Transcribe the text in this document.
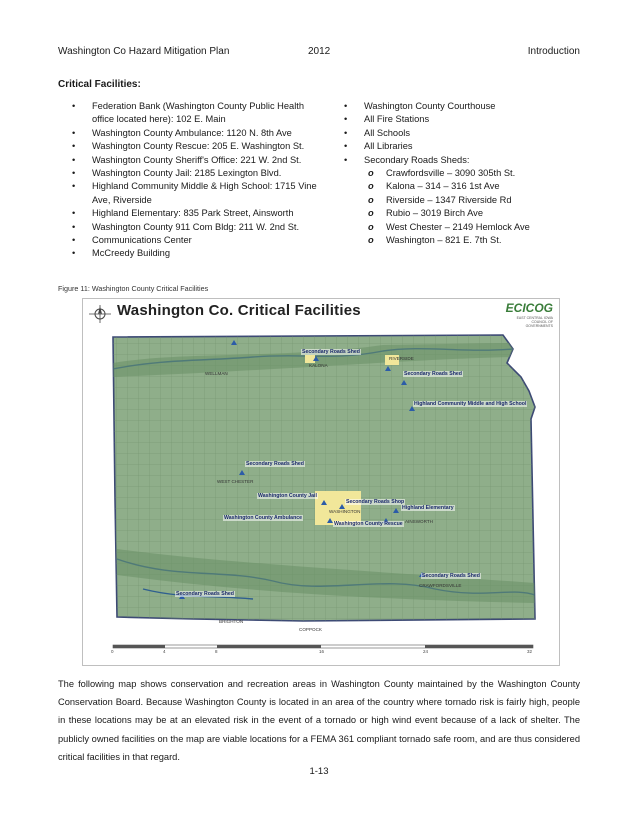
Washington Co Hazard Mitigation Plan	2012	Introduction
Critical Facilities:
• Federation Bank (Washington County Public Health office located here): 102 E. Main
• Washington County Ambulance: 1120 N. 8th Ave
• Washington County Rescue: 205 E. Washington St.
• Washington County Sheriff's Office: 221 W. 2nd St.
• Washington County Jail: 2185 Lexington Blvd.
• Highland Community Middle & High School: 1715 Vine Ave, Riverside
• Highland Elementary: 835 Park Street, Ainsworth
• Washington County 911 Com Bldg: 211 W. 2nd St.
• Communications Center
• McCreedy Building
• Washington County Courthouse
• All Fire Stations
• All Schools
• All Libraries
• Secondary Roads Sheds:
o Crawfordsville – 3090 305th St.
o Kalona – 314 – 316 1st Ave
o Riverside – 1347 Riverside Rd
o Rubio – 3019 Birch Ave
o West Chester – 2149 Hemlock Ave
o Washington – 821 E. 7th St.
Figure 11: Washington County Critical Facilities
Washington Co. Critical Facilities	ECICOG
EAST CENTRAL IOWA COUNCIL OF GOVERNMENTS
Secondary Roads Shed
Secondary Roads Shed
Highland Community Middle and High School
Secondary Roads Shed
Washington County Jail
Secondary Roads Shop
Washington County Ambulance
Washington County Rescue
Highland Elementary
Secondary Roads Shed
Secondary Roads Shed
KALONA
RIVERSIDE
WELLMAN
WEST CHESTER
WASHINGTON
AINSWORTH
CRAWFORDSVILLE
BRIGHTON
COPPOCK
0	4	8	16	24	32
The following map shows conservation and recreation areas in Washington County maintained by the Washington County Conservation Board. Because Washington County is located in an area of the country where tornado risk is fairly high, people in these locations may be at an elevated risk in the event of a tornado or high wind event because of a lack of shelter. The publicly owned facilities on the map are viable locations for a FEMA 361 compliant tornado safe room, and are thus considered critical facilities in that regard.
1-13
